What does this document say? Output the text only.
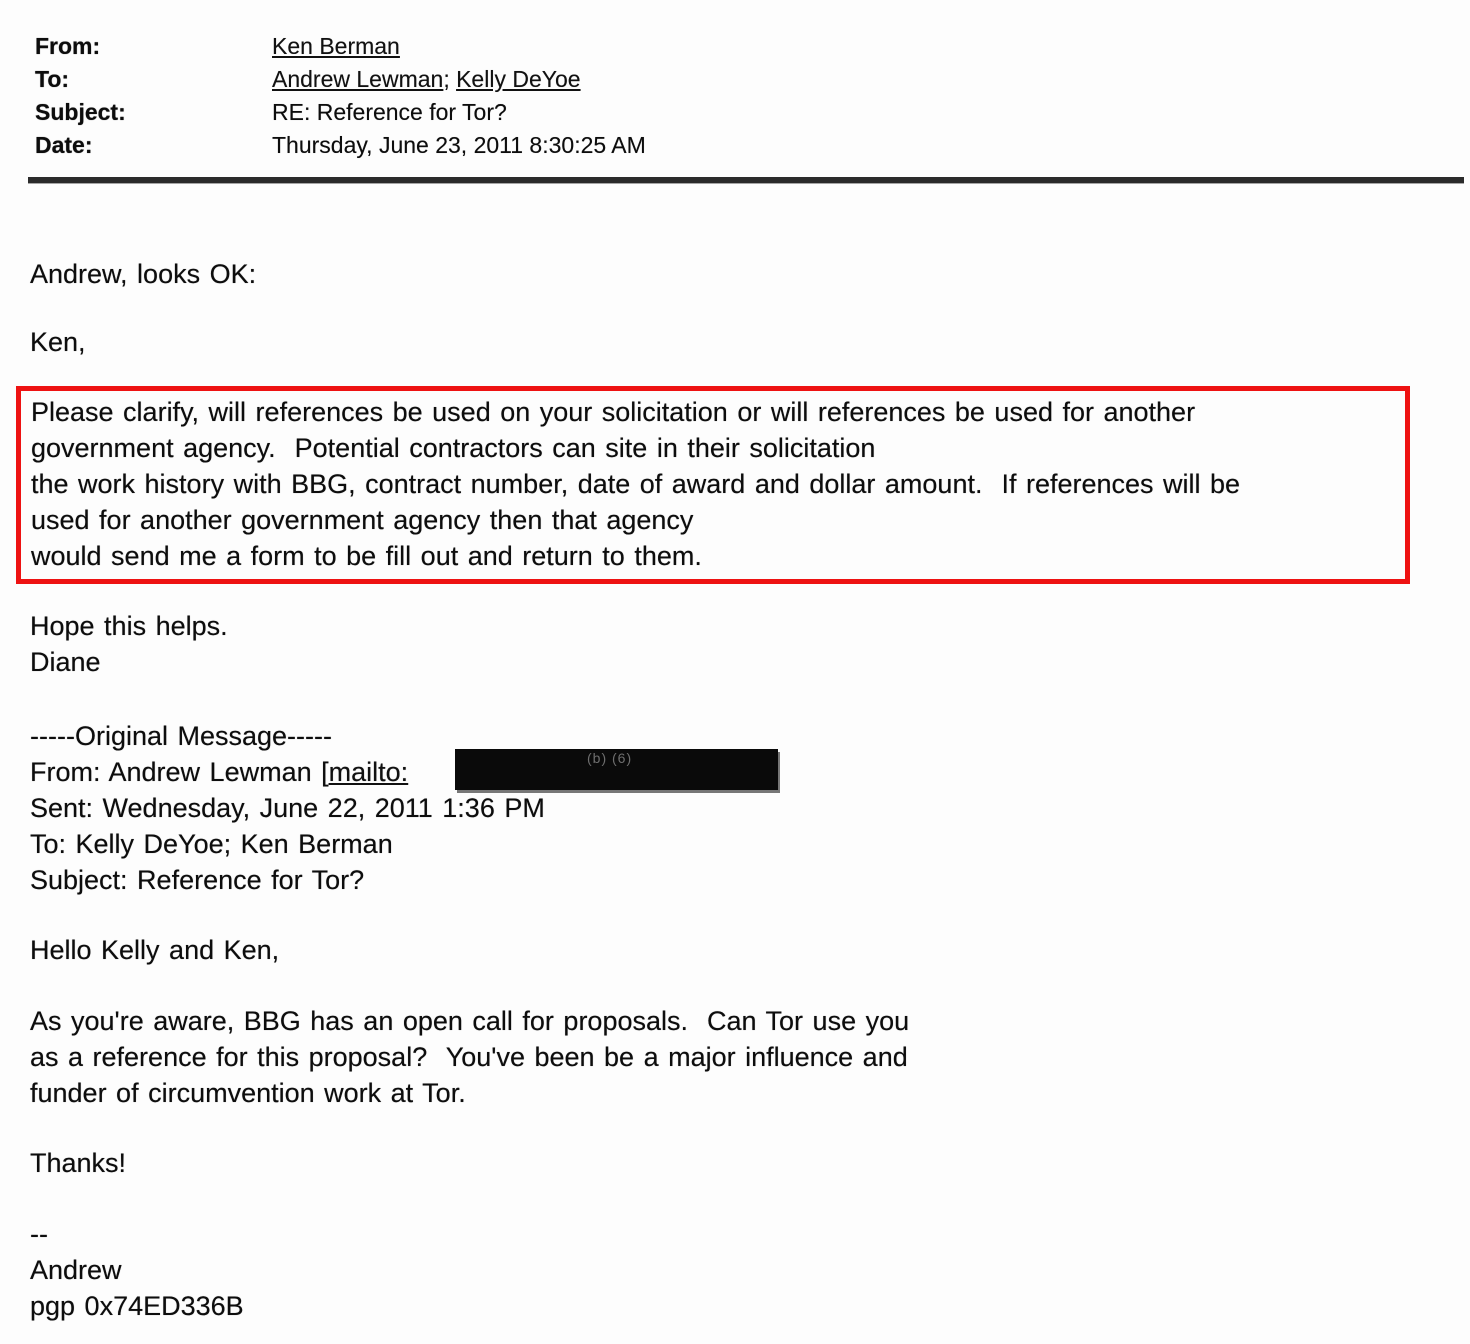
From:	Ken Berman
To:	Andrew Lewman; Kelly DeYoe
Subject:	RE: Reference for Tor?
Date:	Thursday, June 23, 2011 8:30:25 AM
Andrew, looks OK:
Ken,
Please clarify, will references be used on your solicitation or will references be used for another
government agency.  Potential contractors can site in their solicitation
the work history with BBG, contract number, date of award and dollar amount.  If references will be
used for another government agency then that agency
would send me a form to be fill out and return to them.
Hope this helps.
Diane
-----Original Message-----
From: Andrew Lewman [mailto:
Sent: Wednesday, June 22, 2011 1:36 PM
To: Kelly DeYoe; Ken Berman
Subject: Reference for Tor?
(b) (6)
Hello Kelly and Ken,
As you're aware, BBG has an open call for proposals.  Can Tor use you
as a reference for this proposal?  You've been be a major influence and
funder of circumvention work at Tor.
Thanks!
--
Andrew
pgp 0x74ED336B
